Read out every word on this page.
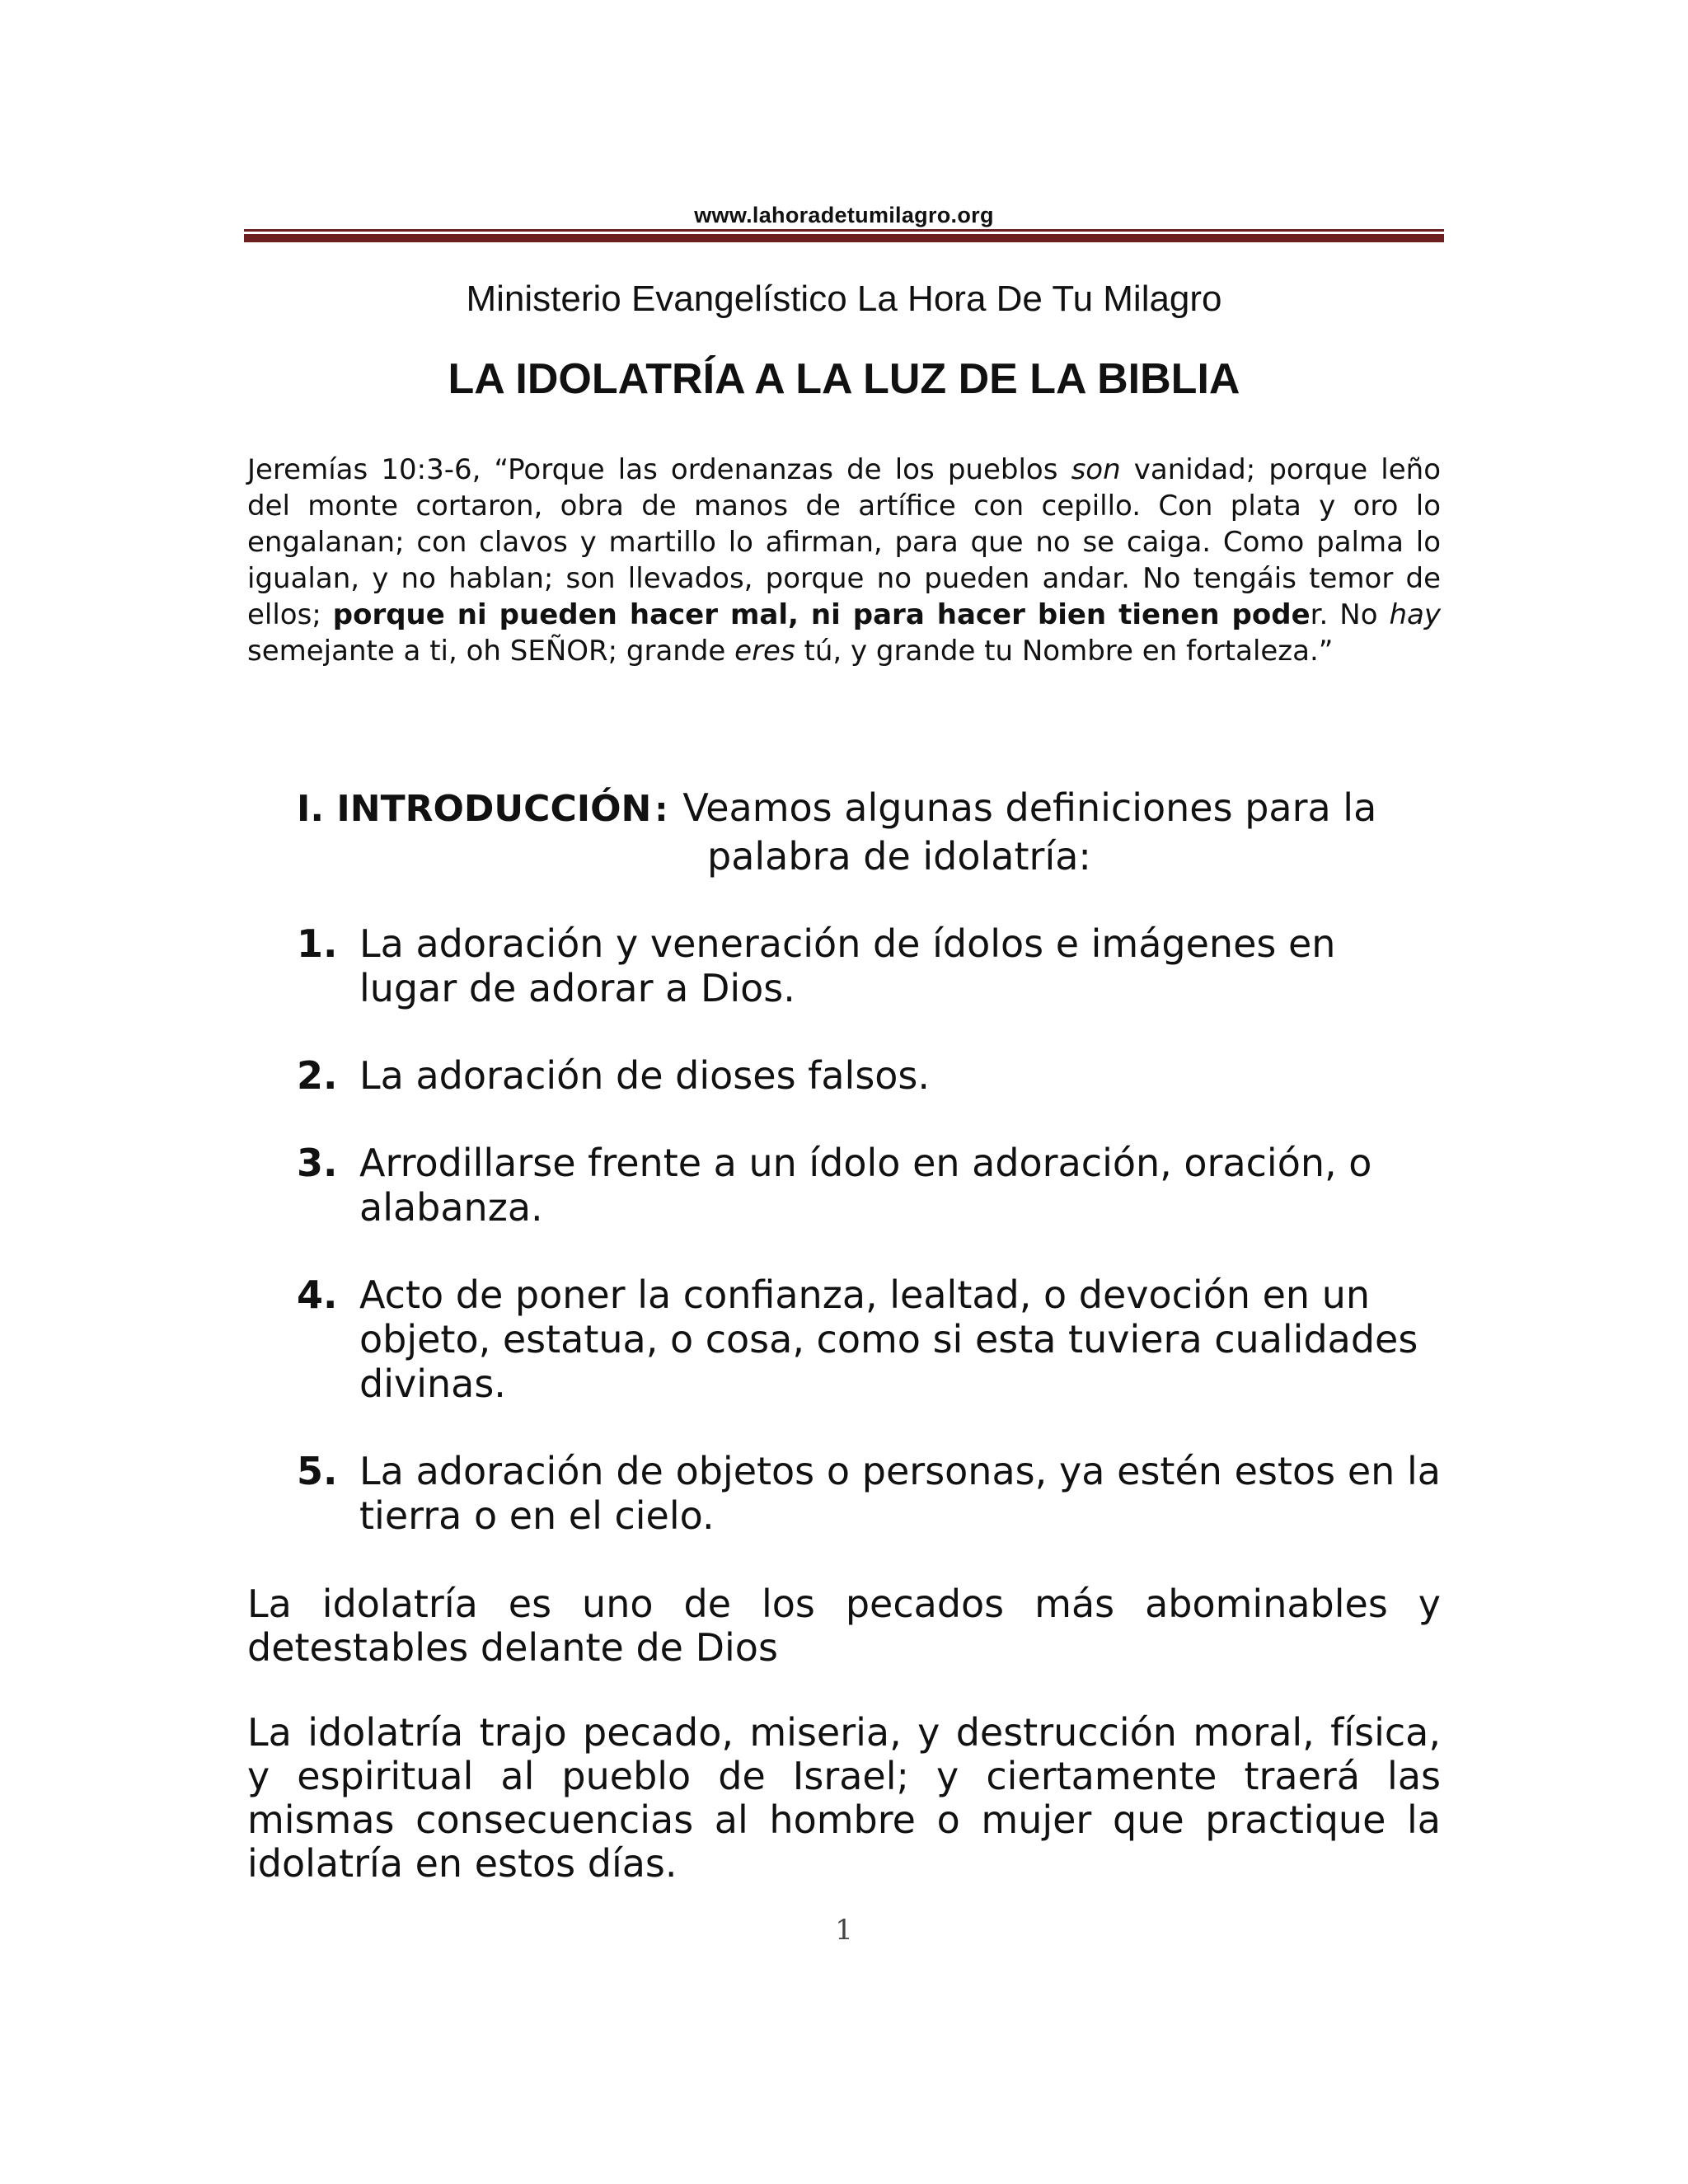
www.lahoradetumilagro.org
Ministerio Evangelístico La Hora De Tu Milagro
LA IDOLATRÍA A LA LUZ DE LA BIBLIA
Jeremías 10:3-6, “Porque las ordenanzas de los pueblos son vanidad; porque leño del monte cortaron, obra de manos de artífice con cepillo. Con plata y oro lo engalanan; con clavos y martillo lo afirman, para que no se caiga. Como palma lo igualan, y no hablan; son llevados, porque no pueden andar. No tengáis temor de ellos; porque ni pueden hacer mal, ni para hacer bien tienen poder. No hay semejante a ti, oh SEÑOR; grande eres tú, y grande tu Nombre en fortaleza.”
I. INTRODUCCIÓN : Veamos algunas definiciones para la
palabra de idolatría:
1. La adoración y veneración de ídolos e imágenes en lugar de adorar a Dios.
2. La adoración de dioses falsos.
3. Arrodillarse frente a un ídolo en adoración, oración, o alabanza.
4. Acto de poner la confianza, lealtad, o devoción en un objeto, estatua, o cosa, como si esta tuviera cualidades divinas.
5. La adoración de objetos o personas, ya estén estos en la tierra o en el cielo.
La idolatría es uno de los pecados más abominables y detestables delante de Dios
La idolatría trajo pecado, miseria, y destrucción moral, física, y espiritual al pueblo de Israel; y ciertamente traerá las mismas consecuencias al hombre o mujer que practique la idolatría en estos días.
1
